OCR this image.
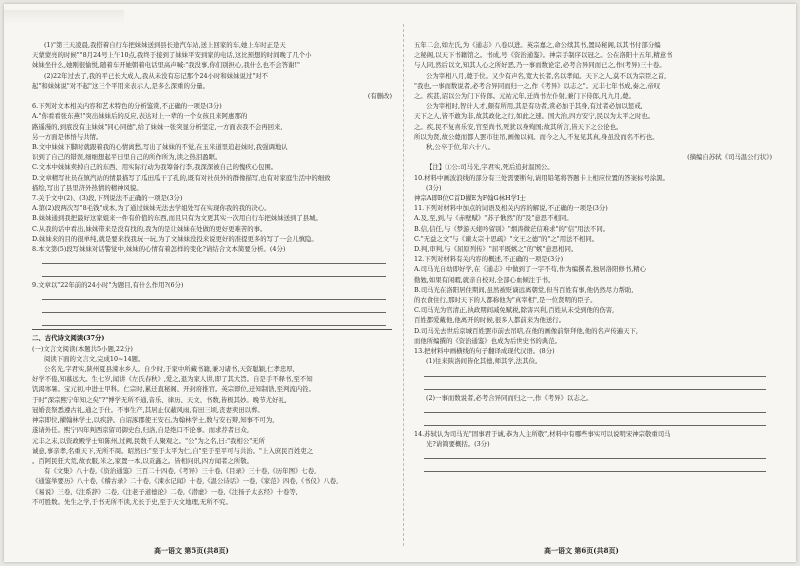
(1)"第三天凌晨,我搭着自行车把妹妹送到县长途汽车站,送上回家的车,她上车时正是天
天蒙蒙亮的时候""8月24号上午10点,我终于接到了妹妹平安到家的电话,这比预想的时间晚了几个小
妹妹坐什么,她刚很愉悦,随着车开她朝着电话里高声喊:"我没事,你们别担心,我什么也不会答谢!"
(2)22年过去了,我的平已长大成人,我从未没有忘记那个24小时和妹妹说过"对不
起"和妹妹说"对不起"这三个平用来表示人,是多么深重的分量。
(有删改)
6.下列对文本相关内容和艺术特色的分析鉴赏,不正确的一项是(3分)
A."你看看张东燕!"突出妹妹后的反应,表达对上一辈的一个女孩且来阿惠那的
路遥漫的,到底没有主妹妹"同心同德",给了妹妹一张突显分析坚定,一方面表我不会再回来,
另一方面是体悟与共情。
B.文中妹妹下脚时就跟着我的心情离愁,写出了妹妹的不觉,在玉米道里追赶妹时,我强调地认
识到了自己的错误,细细想起平日里自己的所作所为,读之热泪盈眶。
C.文本中妹妹卖掉自己的东西、用实际行动为我筹备行李,我深深被自己的愧疚心包围。
D.文章精写社员在镇汽站的情景描写了瓜田瓜干了孔的,既有对社员外的群像描写,也有对家庭生活中的细致
描绘,写出了县里济外热情的精神风貌。
7.关于文中(2)、(3)段,下列说法不正确的一项是(3分)
A.第(2)段两次写"8毛钱"成本,为了通过妹妹无法去学姐处写在实现你我的我的决心。
B.妹妹通到我把最好这家姐来一件有价值的东西,而且只有为文更其实一次用自行车把妹妹送到了县城。
C.从我的话中看出,妹妹带来是没有找的,我为的是让妹妹在处做的更好更难苦的事。
D.妹妹来的目的很单纯,就是要来找我玩一玩,为了文妹妹没投来说更好的准提更多的写了一会儿慎隐。
8.本文第(5)段写妹妹对话警觉中,妹妹的心情有着怎样的变化?请结合文本简要分析。(4分)
9.文章以"22年前的24小时"为题目,有什么作用?(6分)
二、古代诗文阅读(37分)
(一)文言文阅读(本题共5小题,22分)
阅读下面的文言文,完成10~14题。
公名光,字君实,陕州夏县涑水乡人。自少时,于家中所藏书籍,兼习诸书,天资聪颖,仁孝忠厚,
好学不倦,知慕远大。生七岁,闻讲《左氏春秋》,爱之,退为家人讲,即了其大旨。自是手不释书,至不知
饥渴寒暑。宝元初,中进士甲科。仁宗时,累迁直秘阁、开封府推官。英宗即位,迁知制诰,至判流内铨。
于时"深宗熙宁年知之矣"?"博学无所不通,音乐、律历、天文、书数,皆极其妙。晚节尤好礼,
冠婚丧祭悉遵古礼,通之于仕。不事生产,其居止仅蔽风雨,有田三顷,丧妻卖田以葬。
神宗即位,擢翰林学士,以疾辞。自诏涿郡使王安石,为翰林学士,数与安石辩,知事不可为,
遂请外任。熙宁四年判西京留司御史台,归洛,自是绝口不论事。而求荐者日众,
元丰之末,以资政殿学士知陈州,过阙,民数千人聚观之。"公"为之名,曰:"我相公"无所
诚意,事亲孝,名重天下,无所不周。昭然曰:"至于太平为仁,自"至于至平可与共治。"上入庶民百姓吏之
。百阿民狂大荒,故衣服,米之,家置一本,以贡鑫之。皆相问讯,四方闻者之所敬。
有《文集》八十卷,《资治通鉴》三百二十四卷,《考异》三十卷,《目录》三十卷,《历年图》七卷,
《通鉴举要历》八十卷,《稽古录》二十卷,《涑水记闻》十卷,《温公诗话》一卷,《家范》四卷,《书仪》八卷,
《易说》三卷,《注系辞》二卷,《注老子道德论》二卷,《潜虚》一卷,《注扬子太玄经》十卷等,
不可胜数。先生之学,于书无所不读,尤长于史,至于天文地理,无所不究。
五年二会,如左氏,为《通志》八卷以进。英宗嘉之,命公续其书,置局秘阁,以其书付部分编
之秘阁,以天下书籍馆之。书成,号《资治通鉴》。神宗手制序以冠之。公在洛阳十五年,精意书
与人同,然后以文,知其人心之所好恶,乃一事而数论定,必考合异同而已之,作(考异)三十卷。
公为宰相八月,薨于位。又少有声名,宽大长者,名以孝闻。天下之人,莫不以为宗臣之首,
"我也,一事而数说者,必考合异同而归一之,作《考异》以志之"。元丰七年书成,奏之,帝叹
之。疾甚,诏以公为门下侍郎。元祐元年,迁尚书左仆射,兼门下侍郎,凡九月,薨。
公为宰相时,智计人才,颇有所用,其是有功者,赏必加于其身,有过者必加以惩戒,
天下之人,皆不敢为非,故其政化之行,如此之速。国大治,四方安宁,民以为太平之时也。
之。疾,民不复喜乐安,官至尚书,死犹以身殉国;故其所言,皆天下之公论也。
所以为贤,故公薨而都人罢市往吊,画像以祠。而今之人,不复见其真,身虽没而名不朽也。
秋,公卒于位,年六十八。
(摘编自苏轼《司马温公行状》)
【注】①公:司马光,字君实,死后追封温国公。
10.材料中画波浪线的部分有三处需要断句,请用铅笔将答题卡上相应位置的答案标号涂黑。
(3分)
神宗A即B位C首D擢E为F翰G林H学I士
11.下列对材料中加点的词语及相关内容的解说,不正确的一项是(3分)
A.及,至,到,与《赤壁赋》"苏子愀然"的"及"意思不相同。
B.信,信任,与《梦游天姥吟留别》"烟涛微茫信难求"的"信"用法不同。
C."无益之文"与《谏太宗十思疏》"文王之德"的"之"用法不相同。
D.判,审判,与《屈原列传》"屈平既嫉之"的"嫉"意思相同。
12.下列对材料有关内容的概述,不正确的一项是(3分)
A.司马光自幼即好学,在《通志》中做到了一字不苟,作为编撰者,独居洛阳修书,精心
勤勉,如果有闲暇,就亲自校对,全部心血倾注于书。
B.司马光在洛阳居住期间,虽然被贬谪远离朝堂,但当百姓有事,他仍然尽力帮助,
的衣食住行,那时天下的人都称他为"真宰相",是一位贤明的臣子。
C.司马光为官清正,执政期间减免赋税,除害兴利,百姓从未受到他的伤害,
百姓都爱戴他,他离开的时候,很多人都前来为他送行。
D.司马光去世后京城百姓罢市前去吊唁,在他的画像前祭拜他,他的名声传遍天下,
而他所编撰的《资治通鉴》也成为后世史书的典范。
13.把材料中画横线的句子翻译成现代汉语。(8分)
(1)往来陕洛间皆化其德,师其学,法其俭。
(2)一事而数说者,必考合异同而归之一,作《考异》以志之。
14.苏轼认为司马光"固事君于诚,恭为人主所敬",材料中有哪些事实可以说明宋神宗敬重司马
光?请简要概括。(3分)
高一语文 第5页(共8页)	高一语文 第6页(共8页)
